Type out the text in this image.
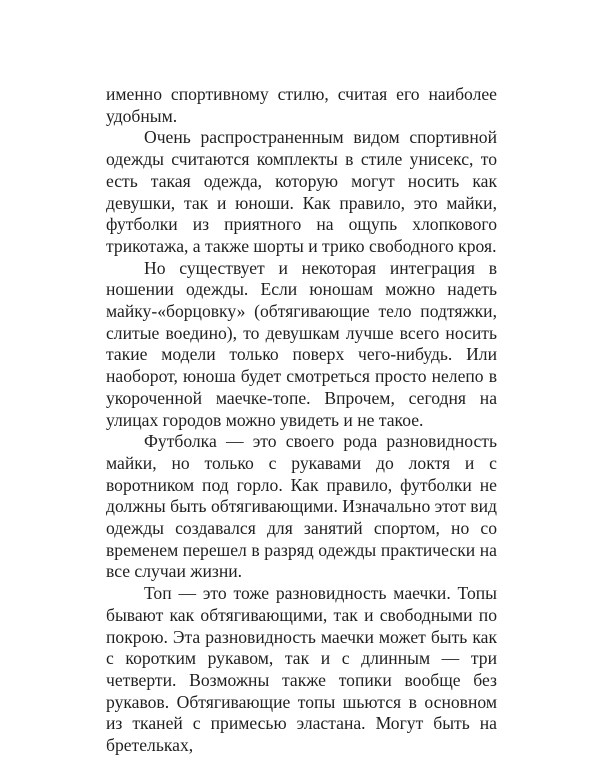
именно спортивному стилю, считая его наиболее удобным.

Очень распространенным видом спортивной одежды считаются комплекты в стиле унисекс, то есть такая одежда, которую могут носить как девушки, так и юноши. Как правило, это майки, футболки из приятного на ощупь хлопкового трикотажа, а также шорты и трико свободного кроя.

Но существует и некоторая интеграция в ношении одежды. Если юношам можно надеть майку-«борцовку» (обтягивающие тело подтяжки, слитые воедино), то девушкам лучше всего носить такие модели только поверх чего-нибудь. Или наоборот, юноша будет смотреться просто нелепо в укороченной маечке-топе. Впрочем, сегодня на улицах городов можно увидеть и не такое.

Футболка — это своего рода разновидность майки, но только с рукавами до локтя и с воротником под горло. Как правило, футболки не должны быть обтягивающими. Изначально этот вид одежды создавался для занятий спортом, но со временем перешел в разряд одежды практически на все случаи жизни.

Топ — это тоже разновидность маечки. Топы бывают как обтягивающими, так и свободными по покрою. Эта разновидность маечки может быть как с коротким рукавом, так и с длинным — три четверти. Возможны также топики вообще без рукавов. Обтягивающие топы шьются в основном из тканей с примесью эластана. Могут быть на бретельках,
